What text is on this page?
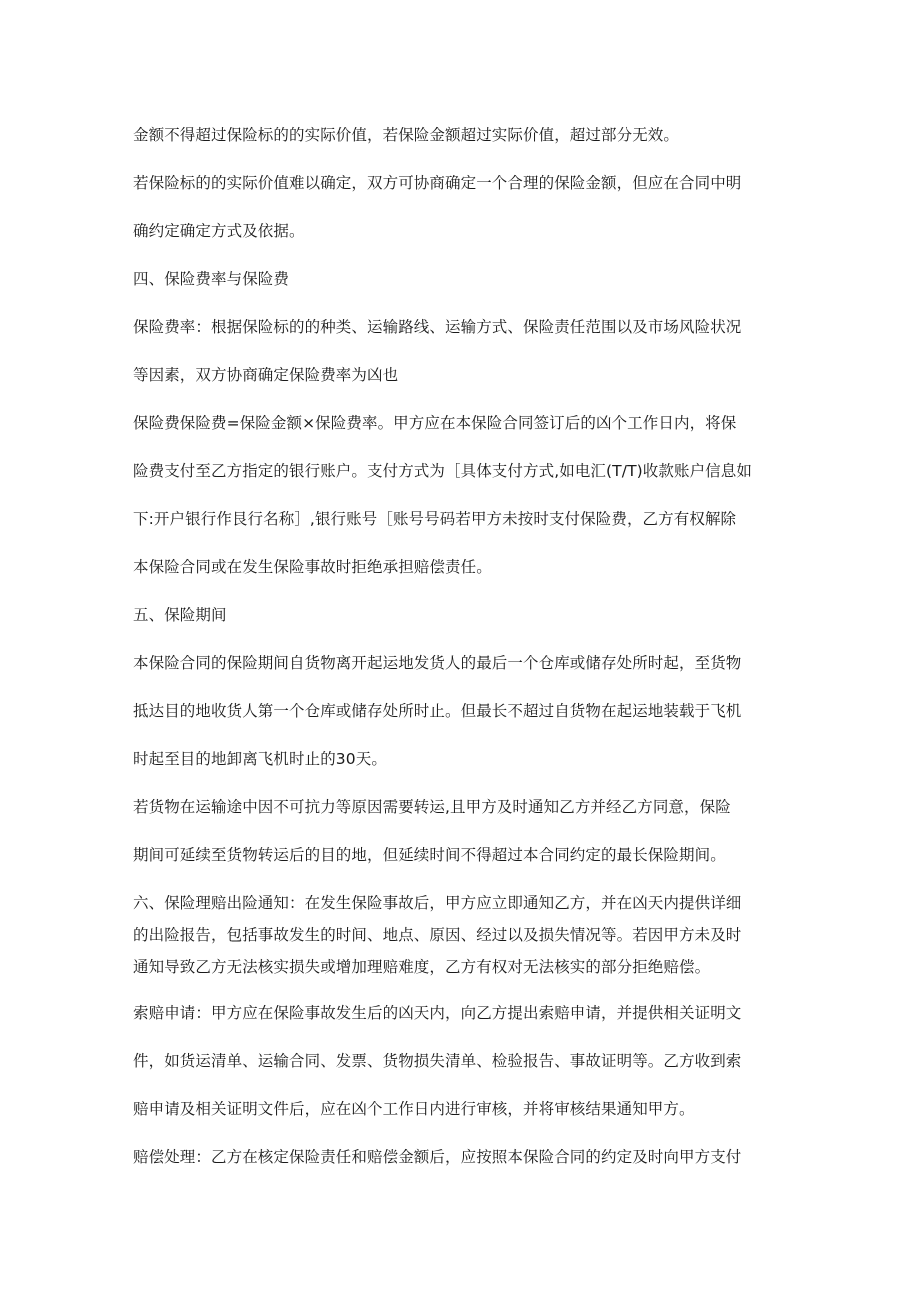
金额不得超过保险标的的实际价值，若保险金额超过实际价值，超过部分无效。
若保险标的的实际价值难以确定，双方可协商确定一个合理的保险金额，但应在合同中明
确约定确定方式及依据。
四、保险费率与保险费
保险费率：根据保险标的的种类、运输路线、运输方式、保险责任范围以及市场风险状况
等因素，双方协商确定保险费率为凶也
保险费保险费=保险金额×保险费率。甲方应在本保险合同签订后的凶个工作日内，将保
险费支付至乙方指定的银行账户。支付方式为［具体支付方式,如电汇(T/T)收款账户信息如
下:开户银行作艮行名称］,银行账号［账号号码若甲方未按时支付保险费，乙方有权解除
本保险合同或在发生保险事故时拒绝承担赔偿责任。
五、保险期间
本保险合同的保险期间自货物离开起运地发货人的最后一个仓库或储存处所时起，至货物
抵达目的地收货人第一个仓库或储存处所时止。但最长不超过自货物在起运地装载于飞机
时起至目的地卸离飞机时止的30天。
若货物在运输途中因不可抗力等原因需要转运,且甲方及时通知乙方并经乙方同意，保险
期间可延续至货物转运后的目的地，但延续时间不得超过本合同约定的最长保险期间。
六、保险理赔出险通知：在发生保险事故后，甲方应立即通知乙方，并在凶天内提供详细
的出险报告，包括事故发生的时间、地点、原因、经过以及损失情况等。若因甲方未及时
通知导致乙方无法核实损失或增加理赔难度，乙方有权对无法核实的部分拒绝赔偿。
索赔申请：甲方应在保险事故发生后的凶天内，向乙方提出索赔申请，并提供相关证明文
件，如货运清单、运输合同、发票、货物损失清单、检验报告、事故证明等。乙方收到索
赔申请及相关证明文件后，应在凶个工作日内进行审核，并将审核结果通知甲方。
赔偿处理：乙方在核定保险责任和赔偿金额后，应按照本保险合同的约定及时向甲方支付
